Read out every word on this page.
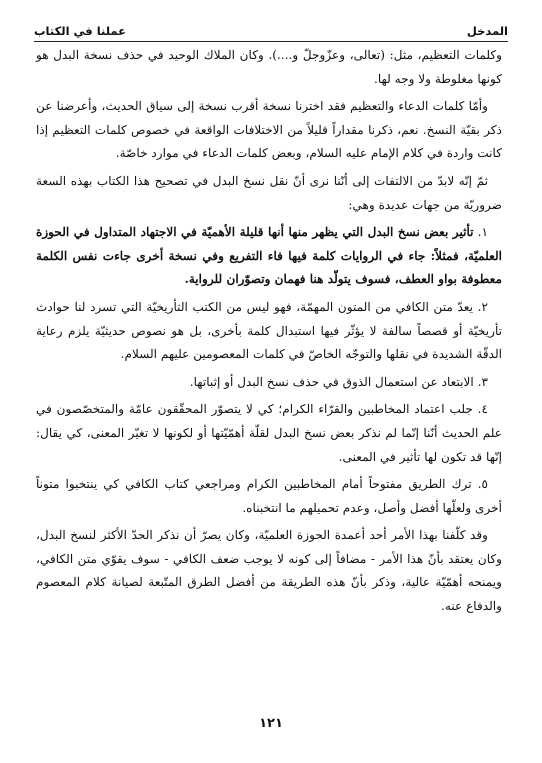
المدخل
عملنا في الكتاب

وكلمات التعظيم، مثل: (تعالى، وعزّوجلّ و....). وكان الملاك الوحيد في حذف نسخة البدل هو كونها مغلوطة ولا وجه لها.

وأمّا كلمات الدعاء والتعظيم فقد اخترنا نسخة أقرب نسخة إلى سياق الحديث، وأعرضنا عن ذكر بقيّة النسخ. نعم، ذكرنا مقداراً قليلاً من الاختلافات الواقعة في خصوص كلمات التعظيم إذا كانت واردة في كلام الإمام عليه السلام، وبعض كلمات الدعاء في موارد خاصّة.

ثمّ إنّه لابدّ من الالتفات إلى أنّنا نرى أنّ نقل نسخ البدل في تصحيح هذا الكتاب بهذه السعة ضروريّة من جهات عديدة وهي:

١. تأثير بعض نسخ البدل التي يظهر منها أنها قليلة الأهميّة في الاجتهاد المتداول في الحوزة العلميّة، فمثلاً: جاء في الروايات كلمة فيها فاء التفريع وفي نسخة أخرى جاءت نفس الكلمة معطوفة بواو العطف، فسوف يتولّد هنا فهمان وتصوّران للرواية.

٢. يعدّ متن الكافي من المتون المهمّة، فهو ليس من الكتب التأريخيّة التي تسرد لنا حوادث تأريخيّة أو قصصاً سالفة لا يؤثّر فيها استبدال كلمة بأخرى، بل هو نصوص حديثيّة يلزم رعاية الدقّة الشديدة في نقلها والتوجّه الخاصّ في كلمات المعصومين عليهم السلام.

٣. الابتعاد عن استعمال الذوق في حذف نسخ البدل أو إثباتها.

٤. جلب اعتماد المخاطبين والقرّاء الكرام؛ كي لا يتصوّر المحقّقون عامّة والمتخصّصون في علم الحديث أنّنا إنّما لم نذكر بعض نسخ البدل لقلّة أهمّيّتها أو لكونها لا تغيّر المعنى، كي يقال: إنّها قد تكون لها تأثير في المعنى.

٥. ترك الطريق مفتوحاً أمام المخاطبين الكرام ومراجعي كتاب الكافي كي ينتخبوا متوناً أخرى ولعلّها أفضل وأصل، وعدم تحميلهم ما انتخبناه.

وقد كلّفنا بهذا الأمر أحد أعمدة الحوزة العلميّة، وكان يصرّ أن نذكر الحدّ الأكثر لنسخ البدل، وكان يعتقد بأنّ هذا الأمر - مضافاً إلى كونه لا يوجب ضعف الكافي - سوف يقوّي متن الكافي، ويمنحه أهمّيّة عالية، وذكر بأنّ هذه الطريقة من أفضل الطرق المتّبعة لصيانة كلام المعصوم والدفاع عنه.

١٢١
